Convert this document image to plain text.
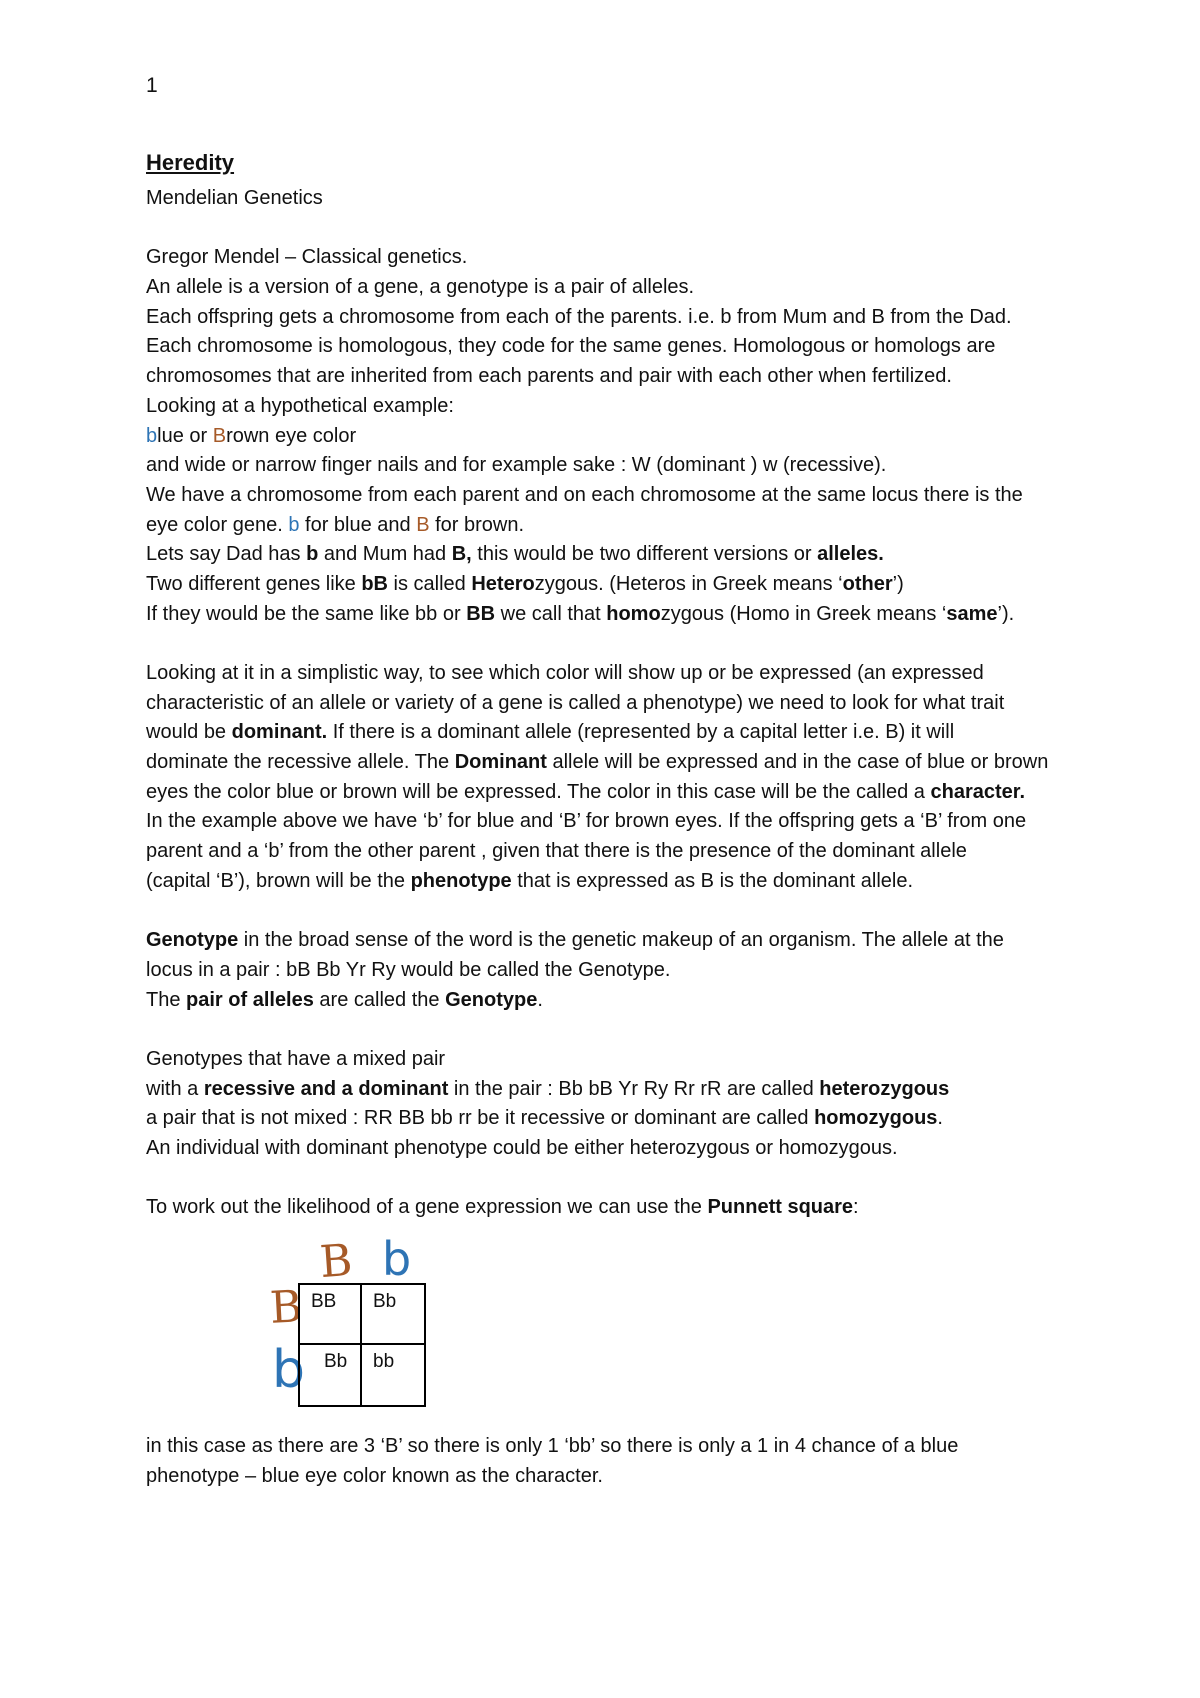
1
Heredity
Mendelian Genetics
Gregor Mendel – Classical genetics.
An allele is a version of a gene, a genotype is a pair of alleles.
Each offspring gets a chromosome from each of the parents. i.e. b from Mum and B from the Dad.
Each chromosome is homologous, they code for the same genes. Homologous or homologs are
chromosomes that are inherited from each parents and pair with each other when fertilized.
Looking at a hypothetical example:
blue or Brown eye color
and wide or narrow finger nails and for example sake : W (dominant ) w (recessive).
We have a chromosome from each parent and on each chromosome at the same locus there is the
eye color gene. b for blue and B for brown.
Lets say Dad has b and Mum had B, this would be two different versions or alleles.
Two different genes like bB is called Heterozygous. (Heteros in Greek means ‘other’)
If they would be the same like bb or BB we call that homozygous (Homo in Greek means ‘same’).
Looking at it in a simplistic way, to see which color will show up or be expressed (an expressed
characteristic of an allele or variety of a gene is called a phenotype) we need to look for what trait
would be dominant. If there is a dominant allele (represented by a capital letter i.e. B) it will
dominate the recessive allele. The Dominant allele will be expressed and in the case of blue or brown
eyes the color blue or brown will be expressed. The color in this case will be the called a character.
In the example above we have ‘b’ for blue and ‘B’ for brown eyes. If the offspring gets a ‘B’ from one
parent and a ‘b’ from the other parent , given that there is the presence of the dominant allele
(capital ‘B’), brown will be the phenotype that is expressed as B is the dominant allele.
Genotype in the broad sense of the word is the genetic makeup of an organism. The allele at the
locus in a pair : bB Bb Yr Ry would be called the Genotype.
The pair of alleles are called the Genotype.
Genotypes that have a mixed pair
with a recessive and a dominant in the pair : Bb bB Yr Ry Rr rR are called heterozygous
a pair that is not mixed : RR BB bb rr be it recessive or dominant are called homozygous.
An individual with dominant phenotype could be either heterozygous or homozygous.
To work out the likelihood of a gene expression we can use the Punnett square:
B b
B
b
BB	Bb
Bb	bb
in this case as there are 3 ‘B’ so there is only 1 ‘bb’ so there is only a 1 in 4 chance of a blue
phenotype – blue eye color known as the character.
